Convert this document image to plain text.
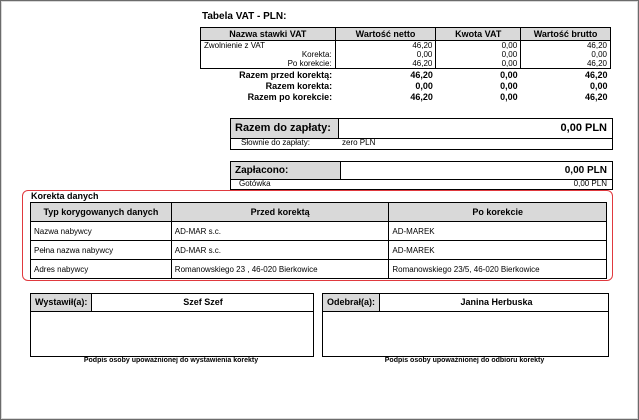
Tabela VAT - PLN:
Nazwa stawki VAT	Wartość netto	Kwota VAT	Wartość brutto
Zwolnienie z VAT	46,20	0,00	46,20
Korekta:	0,00	0,00	0,00
Po korekcie:	46,20	0,00	46,20
Razem przed korektą:	46,20	0,00	46,20
Razem korekta:	0,00	0,00	0,00
Razem po korekcie:	46,20	0,00	46,20
Razem do zapłaty:	0,00 PLN
Słownie do zapłaty:	zero PLN
Zapłacono:	0,00 PLN
Gotówka	0,00 PLN
Korekta danych
Typ korygowanych danych	Przed korektą	Po korekcie
Nazwa nabywcy	AD-MAR s.c.	AD-MAREK
Pełna nazwa nabywcy	AD-MAR s.c.	AD-MAREK
Adres nabywcy	Romanowskiego 23 , 46-020 Bierkowice	Romanowskiego 23/5, 46-020 Bierkowice
Wystawił(a):	Szef Szef
Podpis osoby upoważnionej do wystawienia korekty
Odebrał(a):	Janina Herbuska
Podpis osoby upoważnionej do odbioru korekty
